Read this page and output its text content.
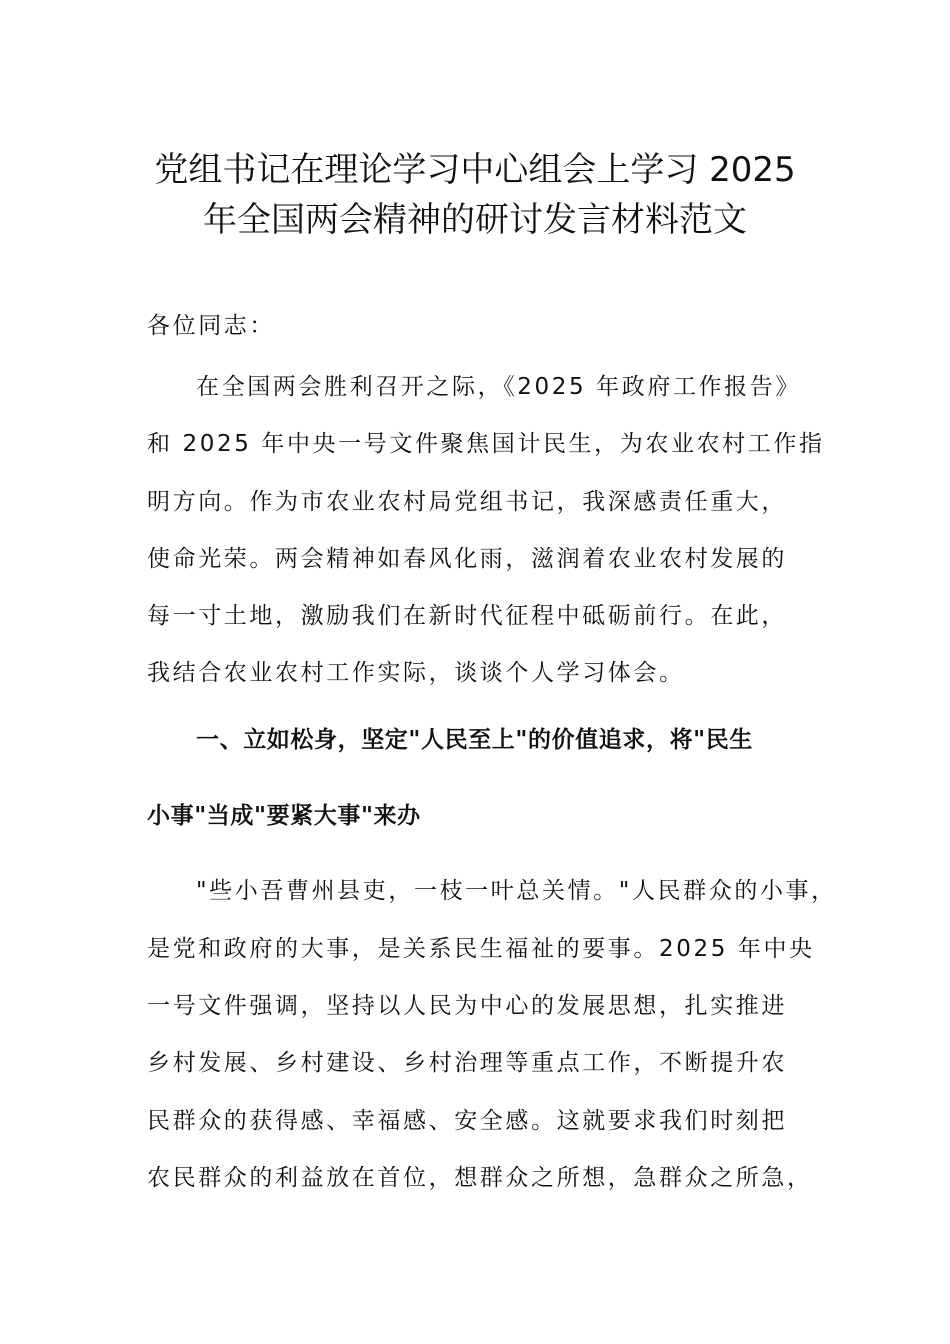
党组书记在理论学习中心组会上学习 2025
年全国两会精神的研讨发言材料范文
各位同志：
在全国两会胜利召开之际，《2025 年政府工作报告》
和 2025 年中央一号文件聚焦国计民生，为农业农村工作指
明方向。作为市农业农村局党组书记，我深感责任重大，
使命光荣。两会精神如春风化雨，滋润着农业农村发展的
每一寸土地，激励我们在新时代征程中砥砺前行。在此，
我结合农业农村工作实际，谈谈个人学习体会。
一、立如松身，坚定"人民至上"的价值追求，将"民生
小事"当成"要紧大事"来办
"些小吾曹州县吏，一枝一叶总关情。"人民群众的小事，
是党和政府的大事，是关系民生福祉的要事。2025 年中央
一号文件强调，坚持以人民为中心的发展思想，扎实推进
乡村发展、乡村建设、乡村治理等重点工作，不断提升农
民群众的获得感、幸福感、安全感。这就要求我们时刻把
农民群众的利益放在首位，想群众之所想，急群众之所急，
